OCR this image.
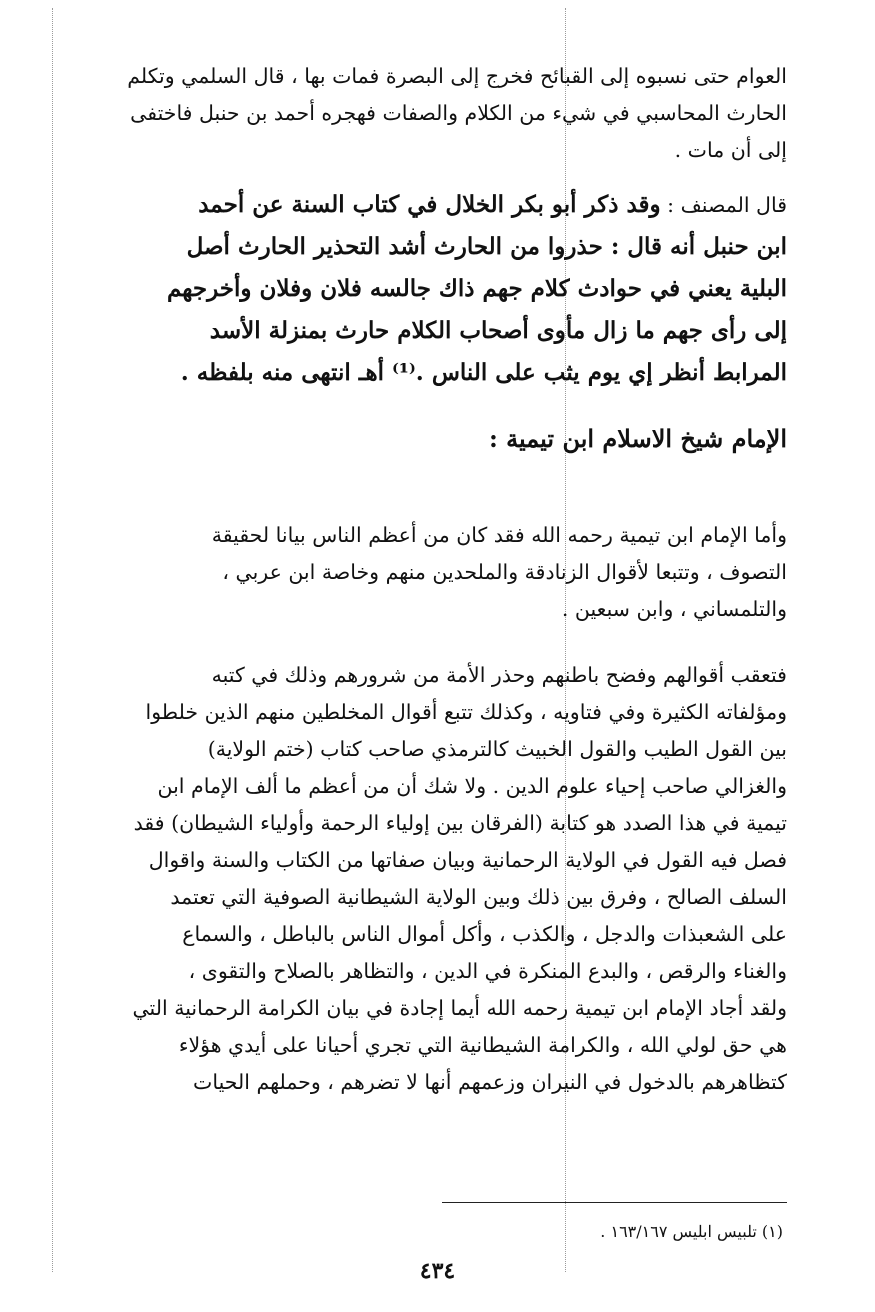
العوام حتى نسبوه إلى القبائح فخرج إلى البصرة فمات بها ، قال السلمي وتكلم
الحارث المحاسبي في شيء من الكلام والصفات فهجره أحمد بن حنبل فاختفى
إلى أن مات .
قال المصنف : وقد ذكر أبو بكر الخلال في كتاب السنة عن أحمد
ابن حنبل أنه قال : حذروا من الحارث أشد التحذير الحارث أصل
البلية يعني في حوادث كلام جهم ذاك جالسه فلان وفلان وأخرجهم
إلى رأى جهم ما زال مأوى أصحاب الكلام حارث بمنزلة الأسد
المرابط أنظر إي يوم يثب على الناس .⁽¹⁾ أهـ انتهى منه بلفظه .
الإمام شيخ الاسلام ابن تيمية :
وأما الإمام ابن تيمية رحمه الله فقد كان من أعظم الناس بيانا لحقيقة
التصوف ، وتتبعا لأقوال الزنادقة والملحدين منهم وخاصة ابن عربي ،
والتلمساني ، وابن سبعين .
فتعقب أقوالهم وفضح باطنهم وحذر الأمة من شرورهم وذلك في كتبه
ومؤلفاته الكثيرة وفي فتاويه ، وكذلك تتبع أقوال المخلطين منهم الذين خلطوا
بين القول الطيب والقول الخبيث كالترمذي صاحب كتاب (ختم الولاية)
والغزالي صاحب إحياء علوم الدين . ولا شك أن من أعظم ما ألف الإمام ابن
تيمية في هذا الصدد هو كتابة (الفرقان بين إولياء الرحمة وأولياء الشيطان) فقد
فصل فيه القول في الولاية الرحمانية وبيان صفاتها من الكتاب والسنة واقوال
السلف الصالح ، وفرق بين ذلك وبين الولاية الشيطانية الصوفية التي تعتمد
على الشعبذات والدجل ، والكذب ، وأكل أموال الناس بالباطل ، والسماع
والغناء والرقص ، والبدع المنكرة في الدين ، والتظاهر بالصلاح والتقوى ،
ولقد أجاد الإمام ابن تيمية رحمه الله أيما إجادة في بيان الكرامة الرحمانية التي
هي حق لولي الله ، والكرامة الشيطانية التي تجري أحيانا على أيدي هؤلاء
كتظاهرهم بالدخول في النيران وزعمهم أنها لا تضرهم ، وحملهم الحيات
(١) تلبيس ابليس ١٦٣/١٦٧ .
٤٣٤
